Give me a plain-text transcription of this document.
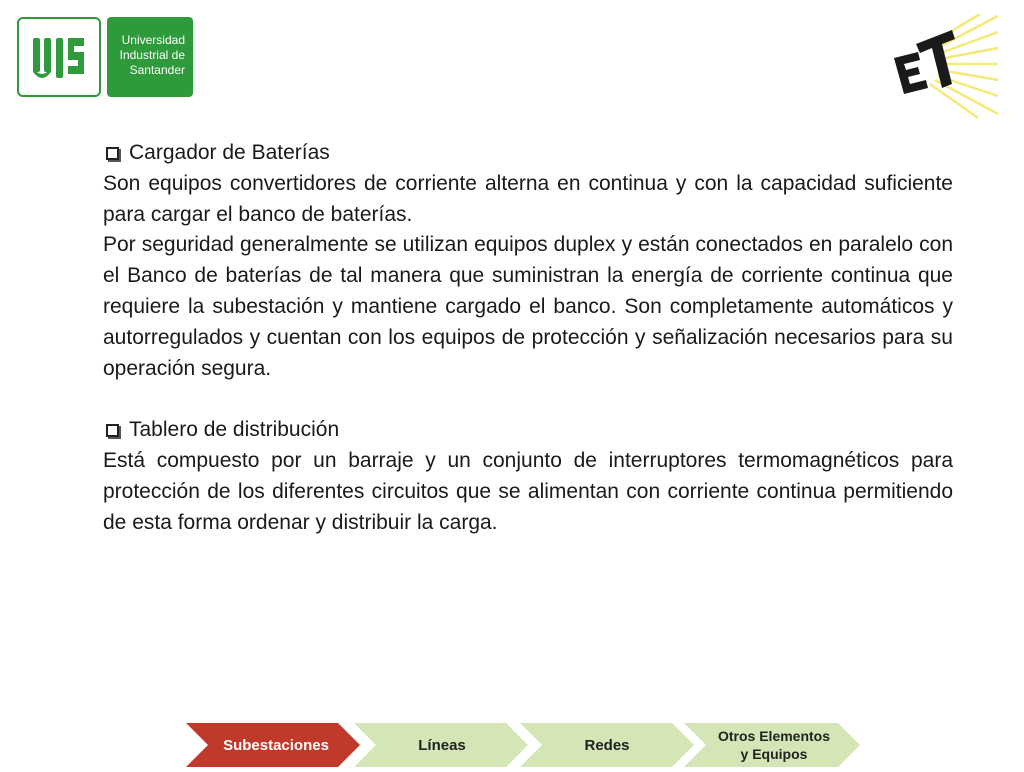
Universidad
Industrial de
Santander
Cargador de Baterías

Son equipos convertidores de corriente alterna en continua y con la capacidad suficiente para cargar el banco de baterías.

Por seguridad generalmente se utilizan equipos duplex y están conectados en paralelo con el Banco de baterías de tal manera que suministran la energía de corriente continua que requiere la subestación y mantiene cargado el banco. Son completamente automáticos y autorregulados y cuentan con los equipos de protección y señalización necesarios para su operación segura.

Tablero de distribución

Está compuesto por un barraje y un conjunto de interruptores termomagnéticos para protección de los diferentes circuitos que se alimentan con corriente continua permitiendo de esta forma ordenar y distribuir la carga.

Subestaciones	Líneas	Redes
Otros Elementos
y Equipos
